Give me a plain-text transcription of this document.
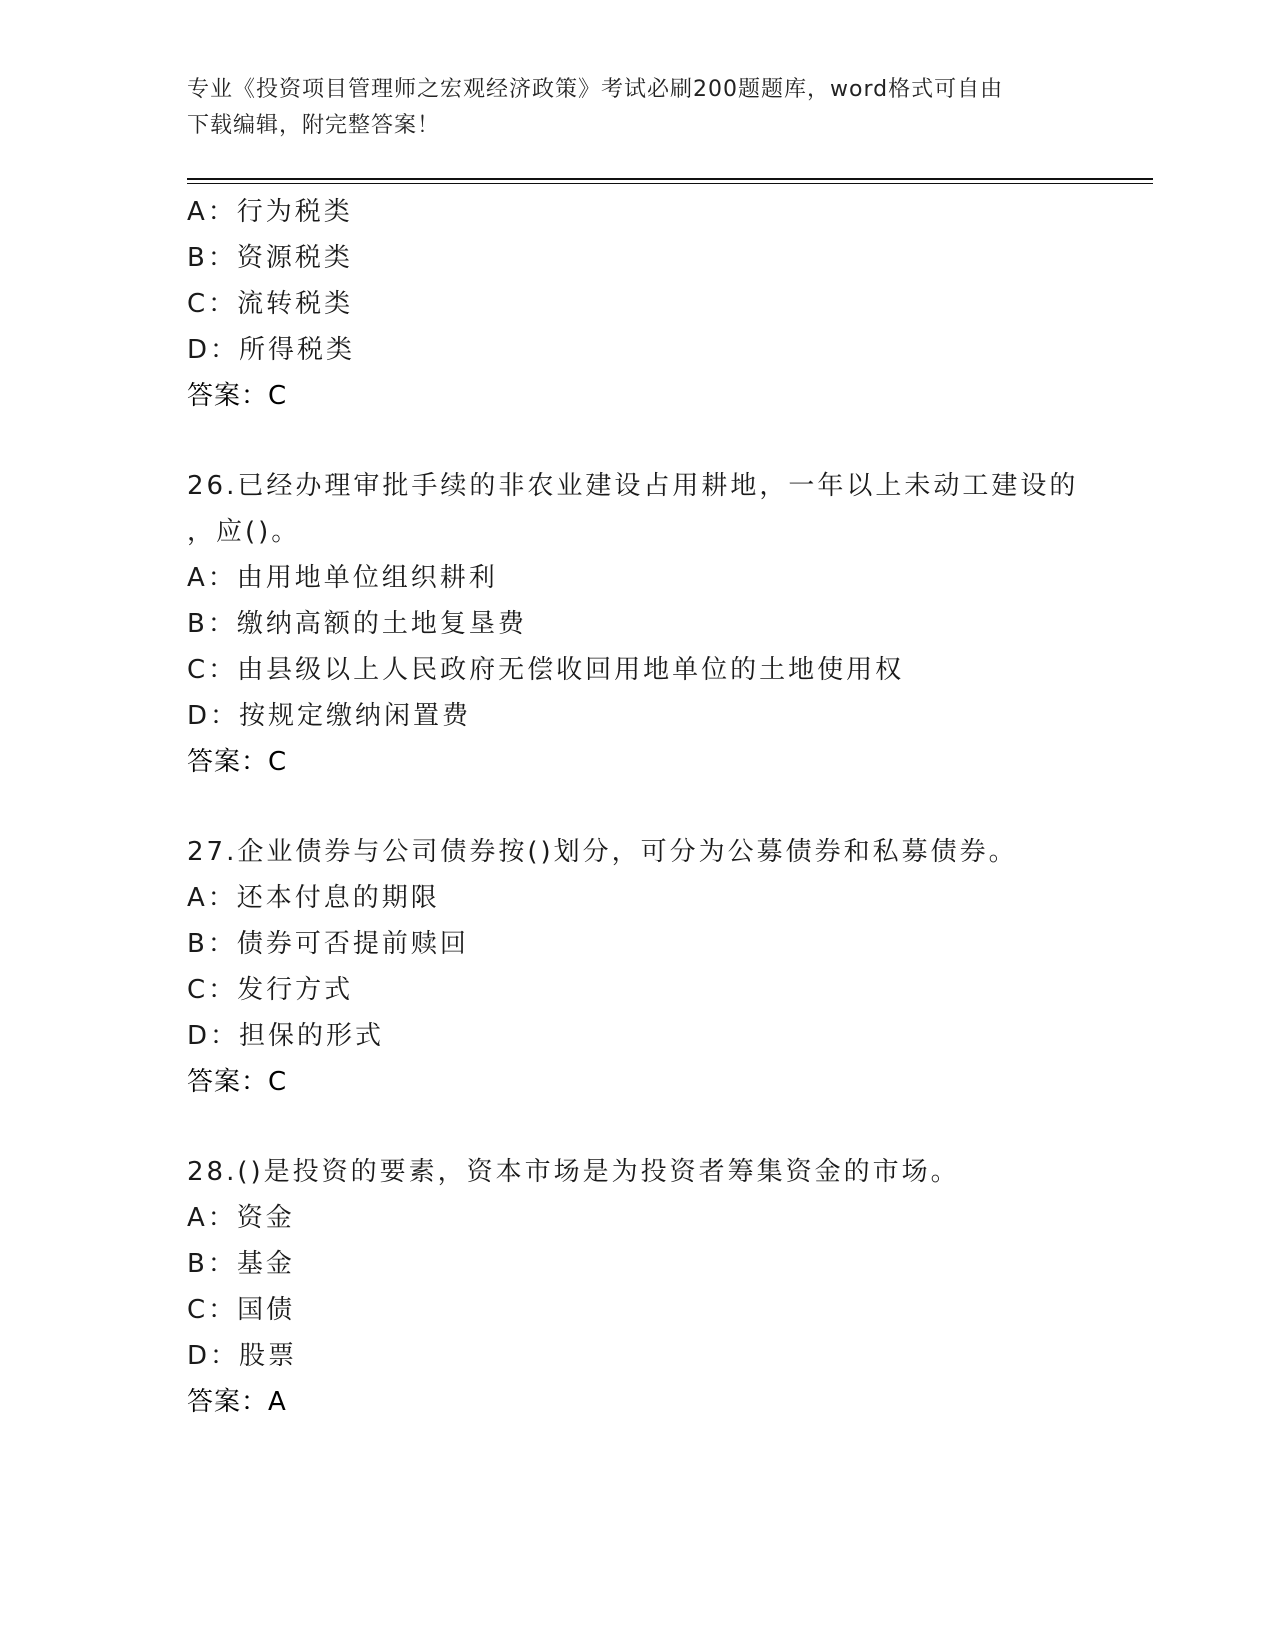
专业《投资项目管理师之宏观经济政策》考试必刷200题题库，word格式可自由
下载编辑，附完整答案！
A：行为税类
B：资源税类
C：流转税类
D：所得税类
答案：C
26.已经办理审批手续的非农业建设占用耕地，一年以上未动工建设的
，应()。
A：由用地单位组织耕利
B：缴纳高额的土地复垦费
C：由县级以上人民政府无偿收回用地单位的土地使用权
D：按规定缴纳闲置费
答案：C
27.企业债券与公司债券按()划分，可分为公募债券和私募债券。
A：还本付息的期限
B：债券可否提前赎回
C：发行方式
D：担保的形式
答案：C
28.()是投资的要素，资本市场是为投资者筹集资金的市场。
A：资金
B：基金
C：国债
D：股票
答案：A
